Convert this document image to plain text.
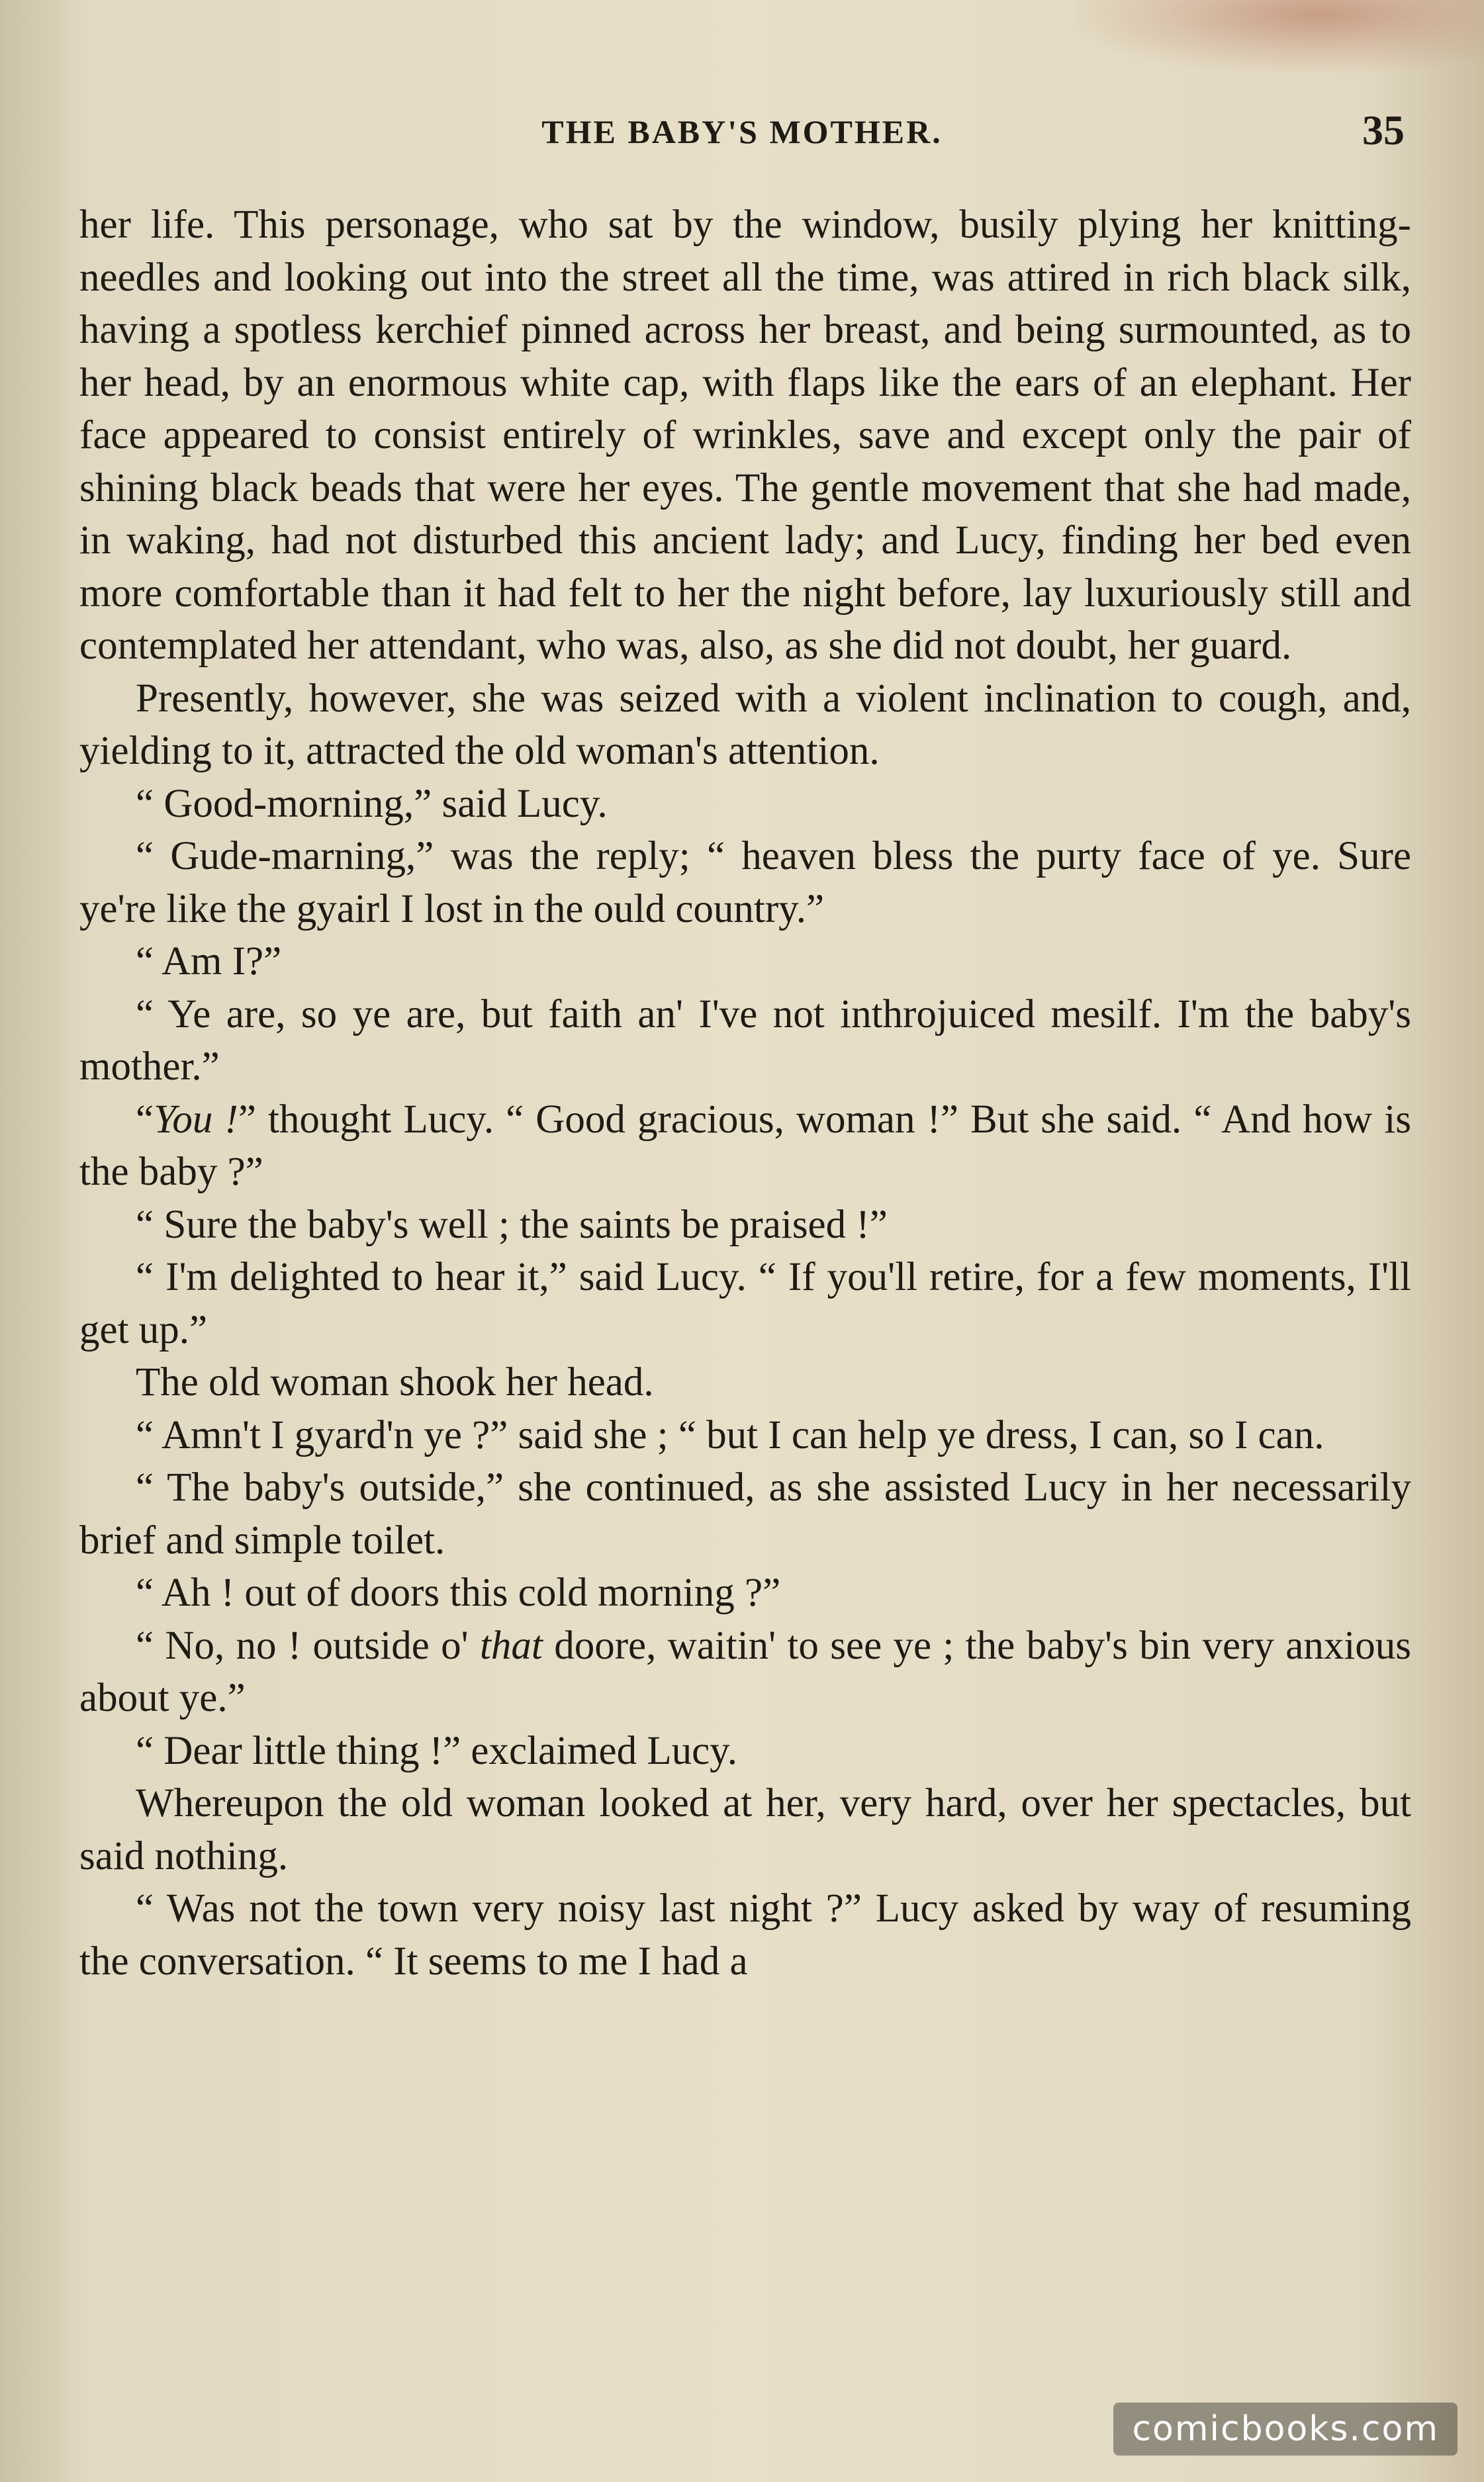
THE BABY'S MOTHER.	35

her life. This personage, who sat by the window, busily plying her knitting-needles and looking out into the street all the time, was attired in rich black silk, having a spotless kerchief pinned across her breast, and being surmounted, as to her head, by an enormous white cap, with flaps like the ears of an elephant. Her face appeared to consist entirely of wrinkles, save and except only the pair of shining black beads that were her eyes. The gentle movement that she had made, in waking, had not disturbed this ancient lady; and Lucy, finding her bed even more comfortable than it had felt to her the night before, lay luxuriously still and contemplated her attendant, who was, also, as she did not doubt, her guard.

Presently, however, she was seized with a violent inclination to cough, and, yielding to it, attracted the old woman's attention.

“ Good-morning,” said Lucy.

“ Gude-marning,” was the reply; “ heaven bless the purty face of ye. Sure ye're like the gyairl I lost in the ould country.”

“ Am I?”

“ Ye are, so ye are, but faith an' I've not inthrojuiced mesilf. I'm the baby's mother.”

“You !” thought Lucy. “ Good gracious, woman !” But she said. “ And how is the baby ?”

“ Sure the baby's well ; the saints be praised !”

“ I'm delighted to hear it,” said Lucy. “ If you'll retire, for a few moments, I'll get up.”

The old woman shook her head.

“ Amn't I gyard'n ye ?” said she ; “ but I can help ye dress, I can, so I can.

“ The baby's outside,” she continued, as she assisted Lucy in her necessarily brief and simple toilet.

“ Ah ! out of doors this cold morning ?”

“ No, no ! outside o' that doore, waitin' to see ye ; the baby's bin very anxious about ye.”

“ Dear little thing !” exclaimed Lucy.

Whereupon the old woman looked at her, very hard, over her spectacles, but said nothing.

“ Was not the town very noisy last night ?” Lucy asked by way of resuming the conversation. “ It seems to me I had a

comicbooks.com
